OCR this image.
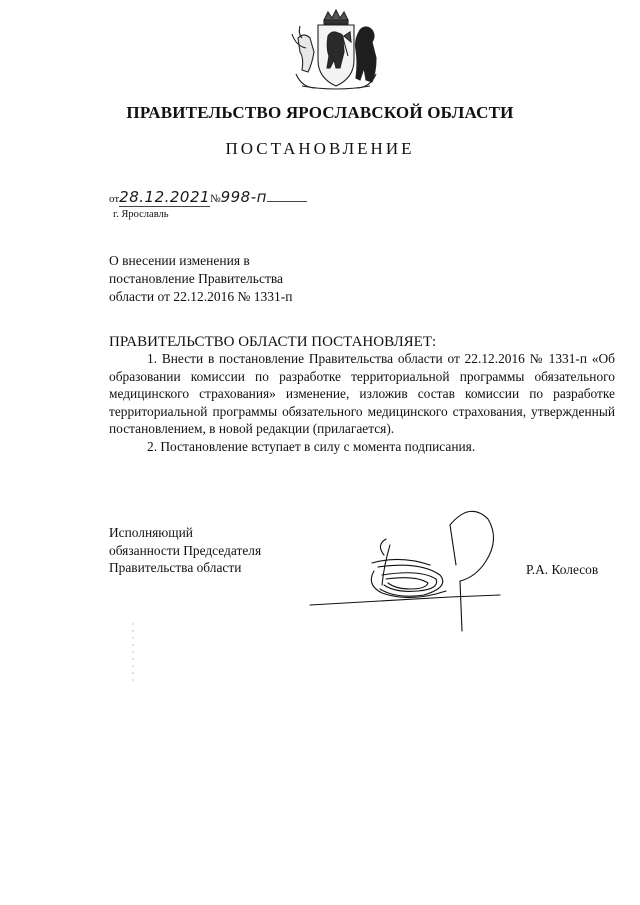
ПРАВИТЕЛЬСТВО ЯРОСЛАВСКОЙ ОБЛАСТИ
ПОСТАНОВЛЕНИЕ
от28.12.2021№998-п
г. Ярославль
О внесении изменения в
постановление Правительства
области от 22.12.2016 № 1331-п
ПРАВИТЕЛЬСТВО ОБЛАСТИ ПОСТАНОВЛЯЕТ:

1. Внести в постановление Правительства области от 22.12.2016 № 1331-п «Об образовании комиссии по разработке территориальной программы обязательного медицинского страхования» изменение, изложив состав комиссии по разработке территориальной программы обязательного медицинского страхования, утвержденный постановлением, в новой редакции (прилагается).

2. Постановление вступает в силу с момента подписания.

Исполняющий
обязанности Председателя
Правительства области	Р.А. Колесов
